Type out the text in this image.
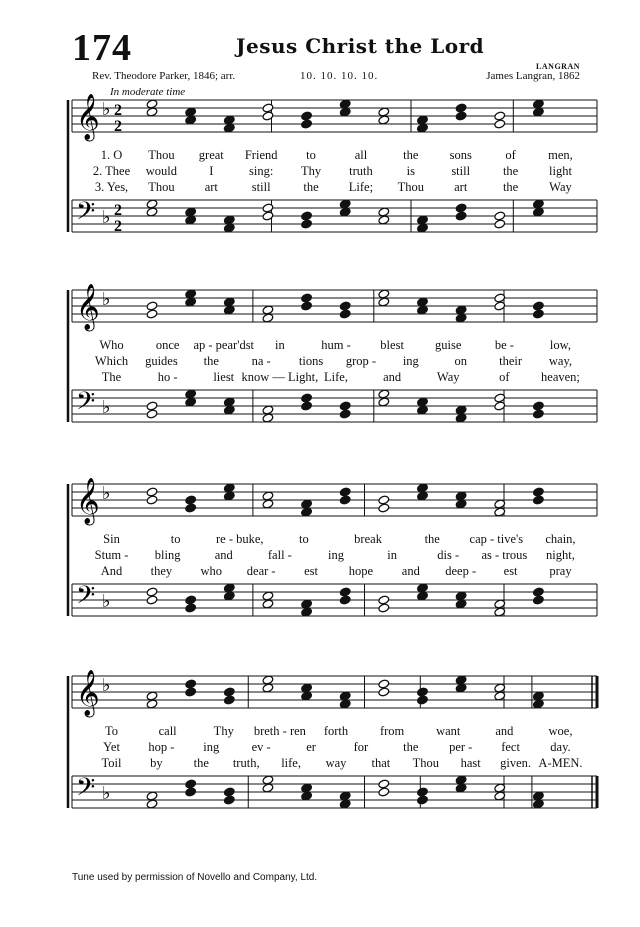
174	Jesus Christ the Lord
LANGRAN
Rev. Theodore Parker, 1846; arr.	10. 10. 10. 10.	James Langran, 1862
In moderate time
𝄞 ♭ 2
2
𝄢 ♭ 2
2
𝄞 ♭
𝄢 ♭
𝄞 ♭
𝄢 ♭
𝄞 ♭
𝄢 ♭
Tune used by permission of Novello and Company, Ltd.
1. O Thou great Friend to	all	the sons	of	men,
2. Thee would	I	sing: Thy truth	is	still	the light
3. Yes, Thou art	still	the Life; Thou art	the Way
Who	once ap - pear'dst in	hum - blest guise	be -	low,
Which guides the	na - tions grop - ing	on	their way,
The	ho -	liest know — Light, Life,	and	Way	of	heaven;
Sin	to	re - buke,	to	break	the cap - tive's chain,
Stum - bling	and	fall -	ing	in	dis - as - trous night,
And they who dear - est hope and deep - est	pray
To	call	Thy breth - ren forth	from	want	and	woe,
Yet hop - ing	ev -	er	for	the per - fect day.
Toil by the truth, life, way that Thou hast given. A-MEN.
